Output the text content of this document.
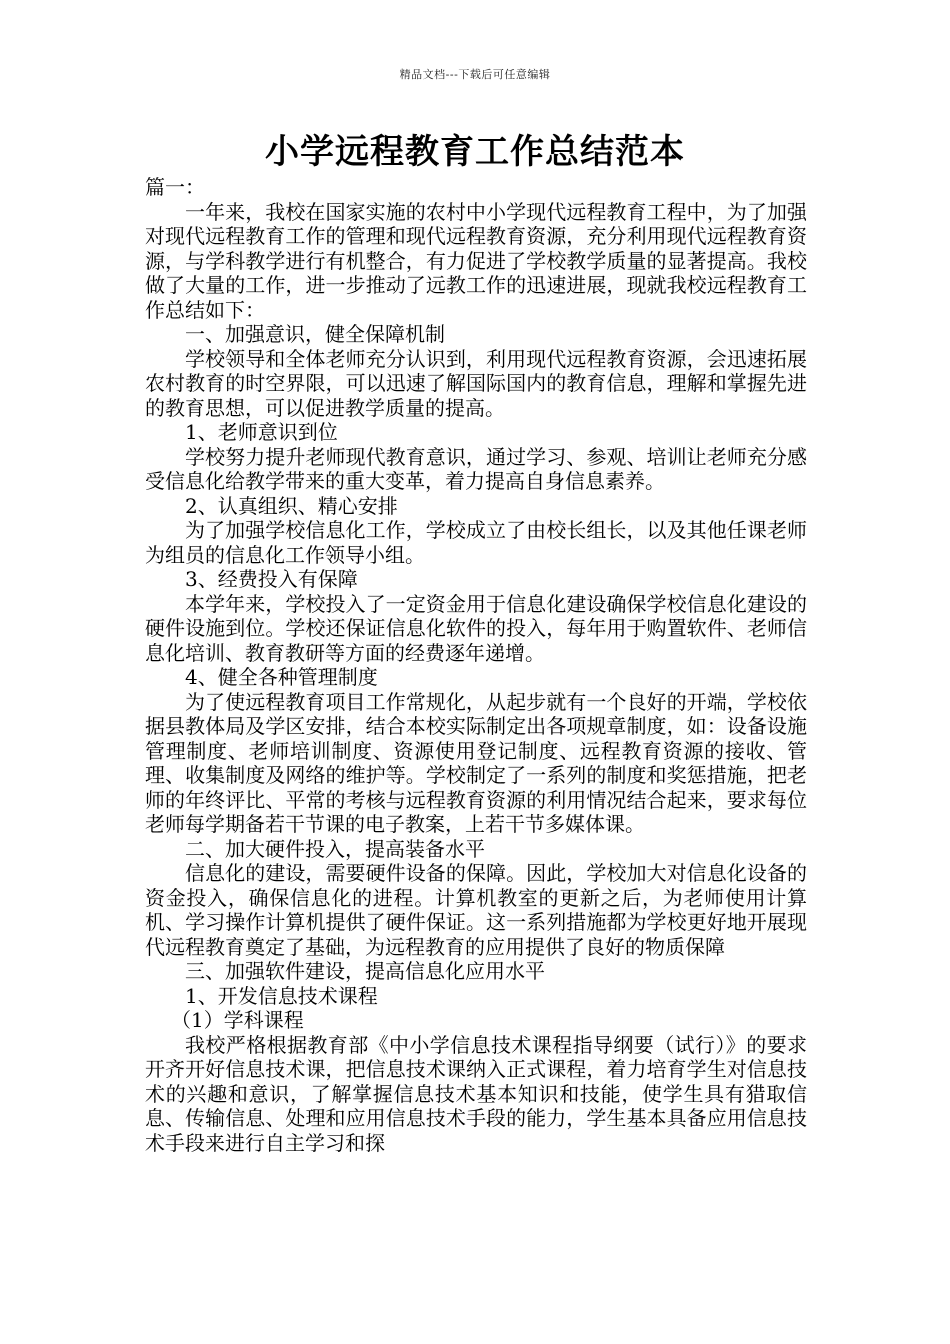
精品文档---下载后可任意编辑
小学远程教育工作总结范本

篇一：

一年来，我校在国家实施的农村中小学现代远程教育工程中，为了加强对现代远程教育工作的管理和现代远程教育资源，充分利用现代远程教育资源，与学科教学进行有机整合，有力促进了学校教学质量的显著提高。我校做了大量的工作，进一步推动了远教工作的迅速进展，现就我校远程教育工作总结如下：

一、加强意识，健全保障机制

学校领导和全体老师充分认识到，利用现代远程教育资源，会迅速拓展农村教育的时空界限，可以迅速了解国际国内的教育信息，理解和掌握先进的教育思想，可以促进教学质量的提高。

1、老师意识到位

学校努力提升老师现代教育意识，通过学习、参观、培训让老师充分感受信息化给教学带来的重大变革，着力提高自身信息素养。

2、认真组织、精心安排

为了加强学校信息化工作，学校成立了由校长组长，以及其他任课老师为组员的信息化工作领导小组。

3、经费投入有保障

本学年来，学校投入了一定资金用于信息化建设确保学校信息化建设的硬件设施到位。学校还保证信息化软件的投入，每年用于购置软件、老师信息化培训、教育教研等方面的经费逐年递增。

4、健全各种管理制度

为了使远程教育项目工作常规化，从起步就有一个良好的开端，学校依据县教体局及学区安排，结合本校实际制定出各项规章制度，如：设备设施管理制度、老师培训制度、资源使用登记制度、远程教育资源的接收、管理、收集制度及网络的维护等。学校制定了一系列的制度和奖惩措施，把老师的年终评比、平常的考核与远程教育资源的利用情况结合起来，要求每位老师每学期备若干节课的电子教案，上若干节多媒体课。

二、加大硬件投入，提高装备水平

信息化的建设，需要硬件设备的保障。因此，学校加大对信息化设备的资金投入，确保信息化的进程。计算机教室的更新之后，为老师使用计算机、学习操作计算机提供了硬件保证。这一系列措施都为学校更好地开展现代远程教育奠定了基础，为远程教育的应用提供了良好的物质保障

三、加强软件建设，提高信息化应用水平

1、开发信息技术课程

（1）学科课程

我校严格根据教育部《中小学信息技术课程指导纲要（试行）》的要求开齐开好信息技术课，把信息技术课纳入正式课程，着力培育学生对信息技术的兴趣和意识，了解掌握信息技术基本知识和技能，使学生具有猎取信息、传输信息、处理和应用信息技术手段的能力，学生基本具备应用信息技术手段来进行自主学习和探
